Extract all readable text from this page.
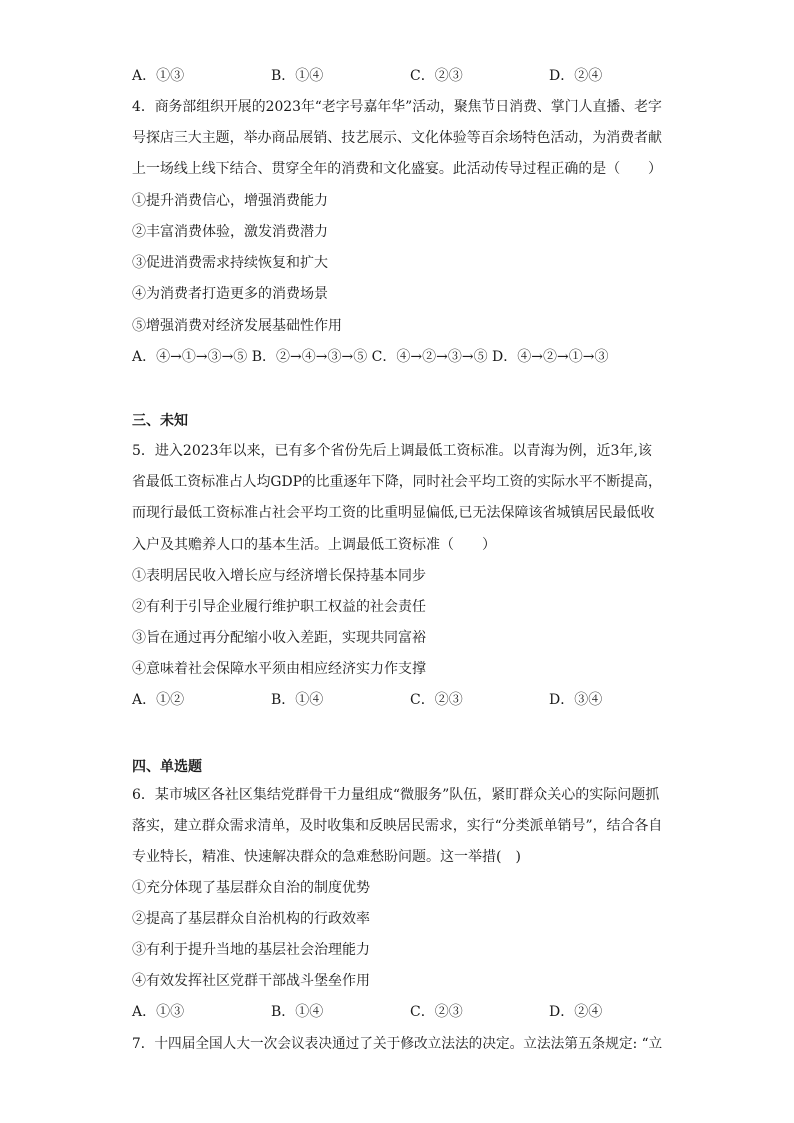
A．①③	B．①④	C．②③	D．②④
4．商务部组织开展的2023年“老字号嘉年华”活动，聚焦节日消费、掌门人直播、老字
号探店三大主题，举办商品展销、技艺展示、文化体验等百余场特色活动，为消费者献
上一场线上线下结合、贯穿全年的消费和文化盛宴。此活动传导过程正确的是（　　）
①提升消费信心，增强消费能力
②丰富消费体验，激发消费潜力
③促进消费需求持续恢复和扩大
④为消费者打造更多的消费场景
⑤增强消费对经济发展基础性作用
A．④→①→③→⑤ B．②→④→③→⑤ C．④→②→③→⑤ D．④→②→①→③
三、未知
5．进入2023年以来，已有多个省份先后上调最低工资标准。以青海为例，近3年,该
省最低工资标准占人均GDP的比重逐年下降，同时社会平均工资的实际水平不断提高，
而现行最低工资标准占社会平均工资的比重明显偏低,已无法保障该省城镇居民最低收
入户及其赡养人口的基本生活。上调最低工资标准（　　）
①表明居民收入增长应与经济增长保持基本同步
②有利于引导企业履行维护职工权益的社会责任
③旨在通过再分配缩小收入差距，实现共同富裕
④意味着社会保障水平须由相应经济实力作支撑
A．①②	B．①④	C．②③	D．③④
四、单选题
6．某市城区各社区集结党群骨干力量组成“微服务”队伍，紧盯群众关心的实际问题抓
落实，建立群众需求清单，及时收集和反映居民需求，实行“分类派单销号”，结合各自
专业特长，精准、快速解决群众的急难愁盼问题。这一举措(　)
①充分体现了基层群众自治的制度优势
②提高了基层群众自治机构的行政效率
③有利于提升当地的基层社会治理能力
④有效发挥社区党群干部战斗堡垒作用
A．①③	B．①④	C．②③	D．②④
7．十四届全国人大一次会议表决通过了关于修改立法法的决定。立法法第五条规定: “立
